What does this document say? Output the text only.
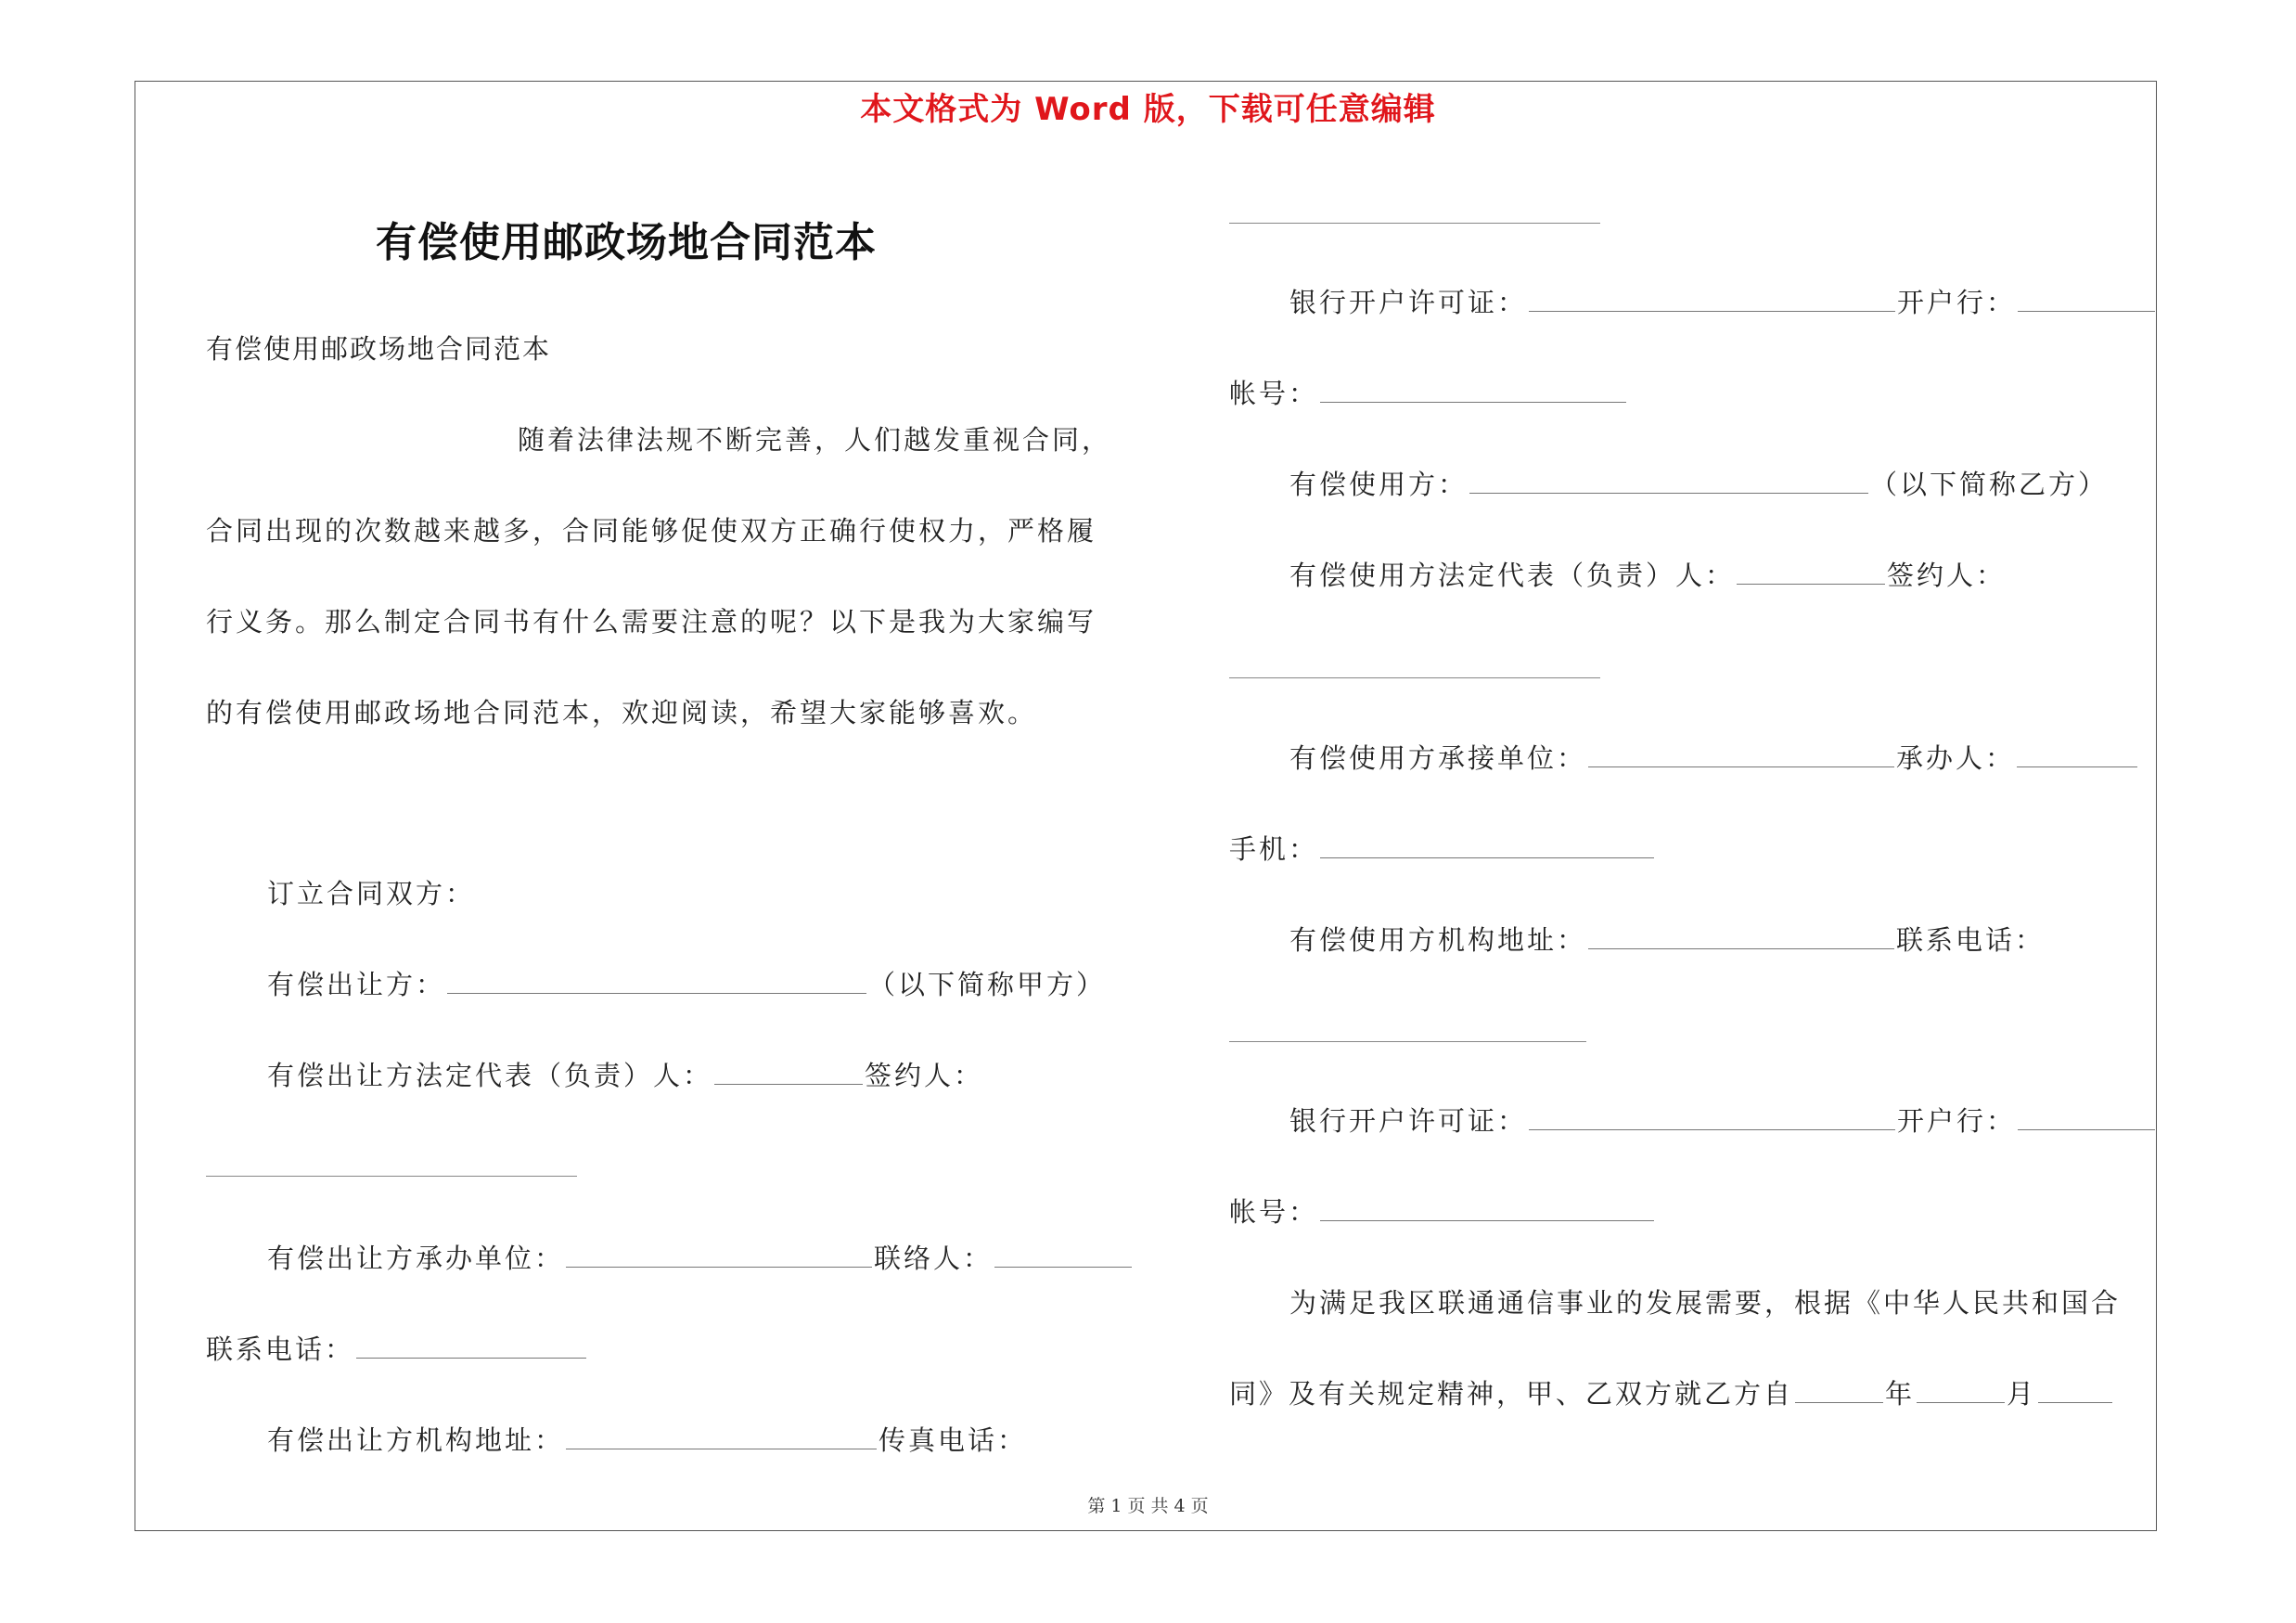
本文格式为 Word 版，下载可任意编辑
有偿使用邮政场地合同范本
有偿使用邮政场地合同范本
随着法律法规不断完善，人们越发重视合同，
合同出现的次数越来越多，合同能够促使双方正确行使权力，严格履
行义务。那么制定合同书有什么需要注意的呢？以下是我为大家编写
的有偿使用邮政场地合同范本，欢迎阅读，希望大家能够喜欢。
订立合同双方：
有偿出让方：	（以下简称甲方）
有偿出让方法定代表（负责）人：	签约人：
有偿出让方承办单位：	联络人：
联系电话：
有偿出让方机构地址：	传真电话：
银行开户许可证：	开户行：
帐号：
有偿使用方：	（以下简称乙方）
有偿使用方法定代表（负责）人：	签约人：
有偿使用方承接单位：	承办人：
手机：
有偿使用方机构地址：	联系电话：
银行开户许可证：	开户行：
帐号：
为满足我区联通通信事业的发展需要，根据《中华人民共和国合
同》及有关规定精神，甲、乙双方就乙方自	年	月
第 1 页 共 4 页
